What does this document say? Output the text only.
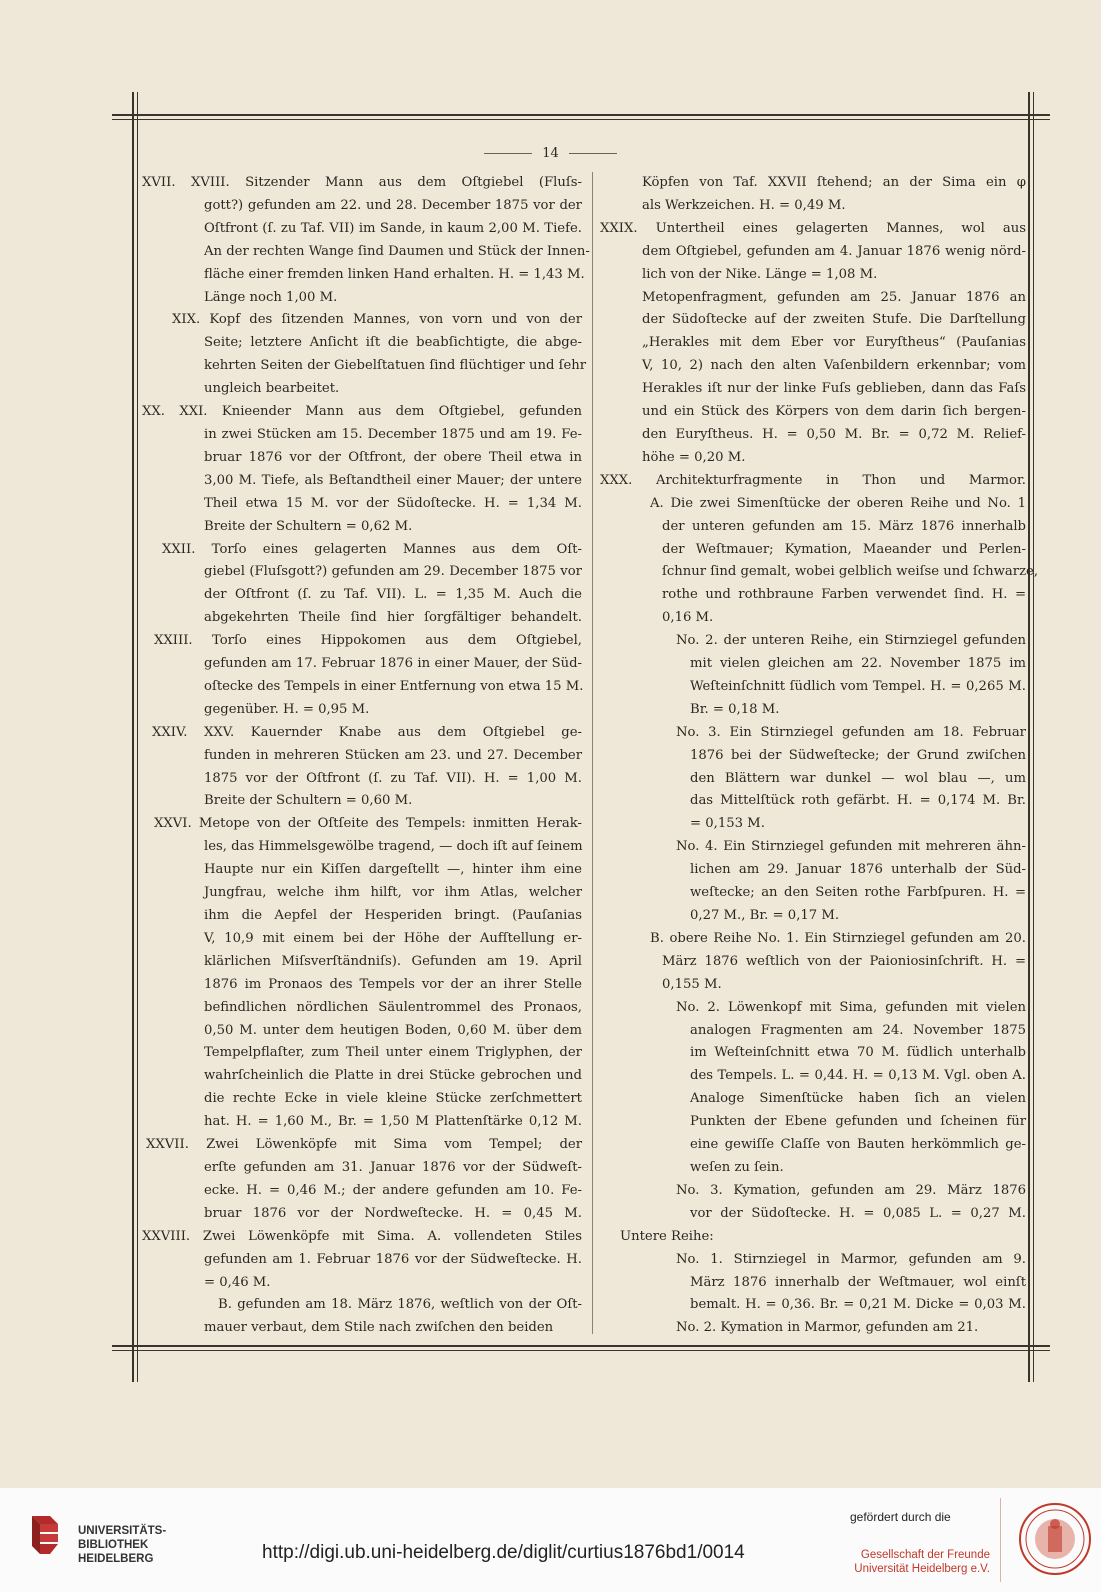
14
XVII. XVIII. Sitzender Mann aus dem Oſtgiebel (Fluſs-
gott?) gefunden am 22. und 28. December 1875 vor der
Oſtfront (ſ. zu Taf. VII) im Sande, in kaum 2,00 M. Tiefe.
An der rechten Wange ſind Daumen und Stück der Innen-
fläche einer fremden linken Hand erhalten. H. = 1,43 M.
Länge noch 1,00 M.
XIX. Kopf des ſitzenden Mannes, von vorn und von der
Seite; letztere Anſicht iſt die beabſichtigte, die abge-
kehrten Seiten der Giebelſtatuen ſind flüchtiger und ſehr
ungleich bearbeitet.
XX. XXI. Knieender Mann aus dem Oſtgiebel, gefunden
in zwei Stücken am 15. December 1875 und am 19. Fe-
bruar 1876 vor der Oſtfront, der obere Theil etwa in
3,00 M. Tiefe, als Beſtandtheil einer Mauer; der untere
Theil etwa 15 M. vor der Südoſtecke. H. = 1,34 M.
Breite der Schultern = 0,62 M.
XXII. Torſo eines gelagerten Mannes aus dem Oſt-
giebel (Fluſsgott?) gefunden am 29. December 1875 vor
der Oſtfront (ſ. zu Taf. VII). L. = 1,35 M. Auch die
abgekehrten Theile ſind hier ſorgfältiger behandelt.
XXIII. Torſo eines Hippokomen aus dem Oſtgiebel,
gefunden am 17. Februar 1876 in einer Mauer, der Süd-
oſtecke des Tempels in einer Entfernung von etwa 15 M.
gegenüber. H. = 0,95 M.
XXIV. XXV. Kauernder Knabe aus dem Oſtgiebel ge-
funden in mehreren Stücken am 23. und 27. December
1875 vor der Oſtfront (ſ. zu Taf. VII). H. = 1,00 M.
Breite der Schultern = 0,60 M.
XXVI. Metope von der Oſtſeite des Tempels: inmitten Herak-
les, das Himmelsgewölbe tragend, — doch iſt auf ſeinem
Haupte nur ein Kiſſen dargeſtellt —, hinter ihm eine
Jungfrau, welche ihm hilft, vor ihm Atlas, welcher
ihm die Aepfel der Hesperiden bringt. (Pauſanias
V, 10,9 mit einem bei der Höhe der Aufſtellung er-
klärlichen Miſsverſtändniſs). Gefunden am 19. April
1876 im Pronaos des Tempels vor der an ihrer Stelle
befindlichen nördlichen Säulentrommel des Pronaos,
0,50 M. unter dem heutigen Boden, 0,60 M. über dem
Tempelpflaſter, zum Theil unter einem Triglyphen, der
wahrſcheinlich die Platte in drei Stücke gebrochen und
die rechte Ecke in viele kleine Stücke zerſchmettert
hat. H. = 1,60 M., Br. = 1,50 M Plattenſtärke 0,12 M.
XXVII. Zwei Löwenköpfe mit Sima vom Tempel; der
erſte gefunden am 31. Januar 1876 vor der Südweſt-
ecke. H. = 0,46 M.; der andere gefunden am 10. Fe-
bruar 1876 vor der Nordweſtecke. H. = 0,45 M.
XXVIII. Zwei Löwenköpfe mit Sima. A. vollendeten Stiles
gefunden am 1. Februar 1876 vor der Südweſtecke. H.
= 0,46 M.
B. gefunden am 18. März 1876, weſtlich von der Oſt-
mauer verbaut, dem Stile nach zwiſchen den beiden
Köpfen von Taf. XXVII ſtehend; an der Sima ein φ
als Werkzeichen. H. = 0,49 M.
XXIX. Untertheil eines gelagerten Mannes, wol aus
dem Oſtgiebel, gefunden am 4. Januar 1876 wenig nörd-
lich von der Nike. Länge = 1,08 M.
Metopenfragment, gefunden am 25. Januar 1876 an
der Südoſtecke auf der zweiten Stufe. Die Darſtellung
„Herakles mit dem Eber vor Euryſtheus“ (Pauſanias
V, 10, 2) nach den alten Vaſenbildern erkennbar; vom
Herakles iſt nur der linke Fuſs geblieben, dann das Faſs
und ein Stück des Körpers von dem darin ſich bergen-
den Euryſtheus. H. = 0,50 M. Br. = 0,72 M. Relief-
höhe = 0,20 M.
XXX. Architekturfragmente in Thon und Marmor.
A. Die zwei Simenſtücke der oberen Reihe und No. 1
der unteren gefunden am 15. März 1876 innerhalb
der Weſtmauer; Kymation, Maeander und Perlen-
ſchnur ſind gemalt, wobei gelblich weiſse und ſchwarze,
rothe und rothbraune Farben verwendet ſind. H. =
0,16 M.
No. 2. der unteren Reihe, ein Stirnziegel gefunden
mit vielen gleichen am 22. November 1875 im
Weſteinſchnitt ſüdlich vom Tempel. H. = 0,265 M.
Br. = 0,18 M.
No. 3. Ein Stirnziegel gefunden am 18. Februar
1876 bei der Südweſtecke; der Grund zwiſchen
den Blättern war dunkel — wol blau —, um
das Mittelſtück roth gefärbt. H. = 0,174 M. Br.
= 0,153 M.
No. 4. Ein Stirnziegel gefunden mit mehreren ähn-
lichen am 29. Januar 1876 unterhalb der Süd-
weſtecke; an den Seiten rothe Farbſpuren. H. =
0,27 M., Br. = 0,17 M.
B. obere Reihe No. 1. Ein Stirnziegel gefunden am 20.
März 1876 weſtlich von der Paioniosinſchrift. H. =
0,155 M.
No. 2. Löwenkopf mit Sima, gefunden mit vielen
analogen Fragmenten am 24. November 1875
im Weſteinſchnitt etwa 70 M. ſüdlich unterhalb
des Tempels. L. = 0,44. H. = 0,13 M. Vgl. oben A.
Analoge Simenſtücke haben ſich an vielen
Punkten der Ebene gefunden und ſcheinen für
eine gewiſſe Claſſe von Bauten herkömmlich ge-
weſen zu ſein.
No. 3. Kymation, gefunden am 29. März 1876
vor der Südoſtecke. H. = 0,085 L. = 0,27 M.
Untere Reihe:
No. 1. Stirnziegel in Marmor, gefunden am 9.
März 1876 innerhalb der Weſtmauer, wol einſt
bemalt. H. = 0,36. Br. = 0,21 M. Dicke = 0,03 M.
No. 2. Kymation in Marmor, gefunden am 21.
UNIVERSITÄTS-
BIBLIOTHEK
HEIDELBERG	http://digi.ub.uni-heidelberg.de/diglit/curtius1876bd1/0014
gefördert durch die
Gesellschaft der Freunde
Universität Heidelberg e.V.
